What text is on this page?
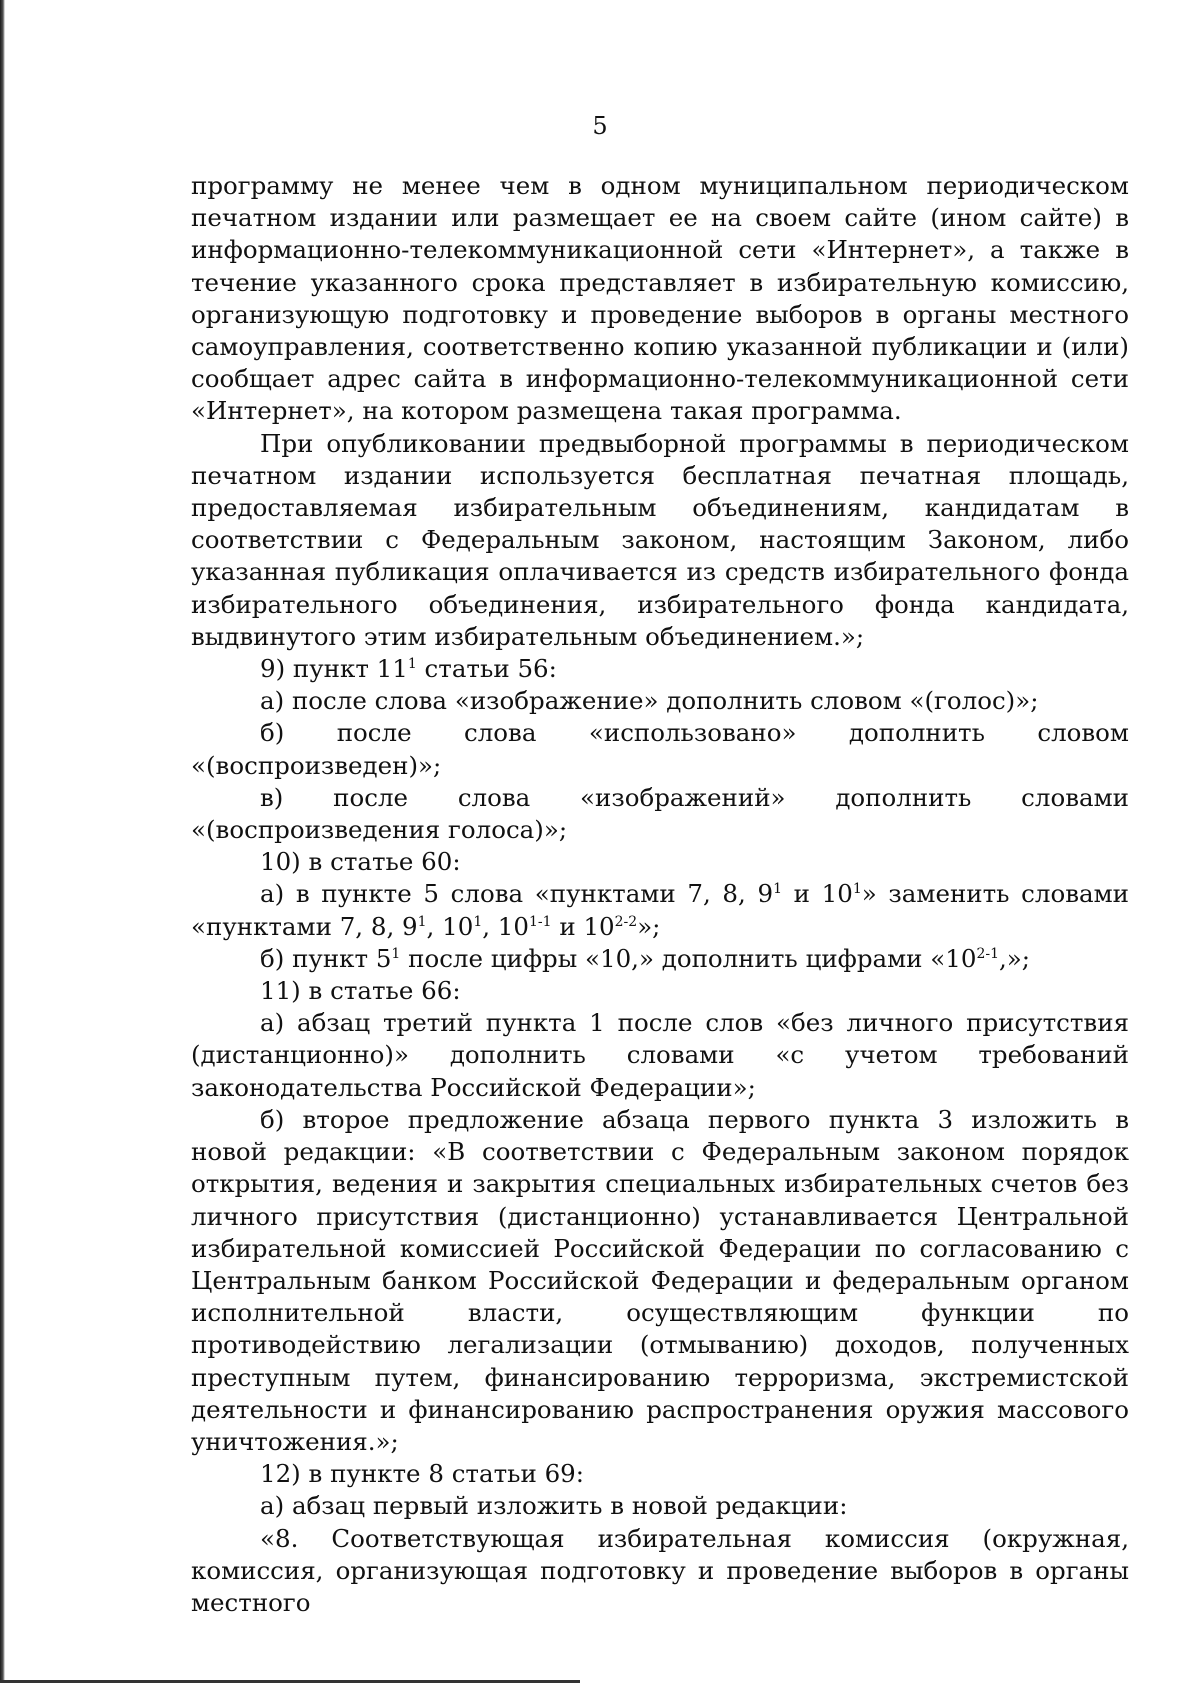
5

программу не менее чем в одном муниципальном периодическом печатном издании или размещает ее на своем сайте (ином сайте) в информационно-телекоммуникационной сети «Интернет», а также в течение указанного срока представляет в избирательную комиссию, организующую подготовку и проведение выборов в органы местного самоуправления, соответственно копию указанной публикации и (или) сообщает адрес сайта в информационно-телекоммуникационной сети «Интернет», на котором размещена такая программа.

При опубликовании предвыборной программы в периодическом печатном издании используется бесплатная печатная площадь, предоставляемая избирательным объединениям, кандидатам в соответствии с Федеральным законом, настоящим Законом, либо указанная публикация оплачивается из средств избирательного фонда избирательного объединения, избирательного фонда кандидата, выдвинутого этим избирательным объединением.»;

9) пункт $11^1$ статьи 56:

а) после слова «изображение» дополнить словом «(голос)»;

б) после слова «использовано» дополнить словом «(воспроизведен)»;

в) после слова «изображений» дополнить словами «(воспроизведения голоса)»;

10) в статье 60:

а) в пункте 5 слова «пунктами 7, 8, $9^1$ и $10^1$» заменить словами «пунктами 7, 8, $9^1$, $10^1$, 10$^{1-1}$ и 10$^{2-2}$»;

б) пункт $5^1$ после цифры «10,» дополнить цифрами «10$^{2-1}$,»;

11) в статье 66:

а) абзац третий пункта 1 после слов «без личного присутствия (дистанционно)» дополнить словами «с учетом требований законодательства Российской Федерации»;

б) второе предложение абзаца первого пункта 3 изложить в новой редакции: «В соответствии с Федеральным законом порядок открытия, ведения и закрытия специальных избирательных счетов без личного присутствия (дистанционно) устанавливается Центральной избирательной комиссией Российской Федерации по согласованию с Центральным банком Российской Федерации и федеральным органом исполнительной власти, осуществляющим функции по противодействию легализации (отмыванию) доходов, полученных преступным путем, финансированию терроризма, экстремистской деятельности и финансированию распространения оружия массового уничтожения.»;

12) в пункте 8 статьи 69:

а) абзац первый изложить в новой редакции:

«8. Соответствующая избирательная комиссия (окружная, комиссия, организующая подготовку и проведение выборов в органы местного
